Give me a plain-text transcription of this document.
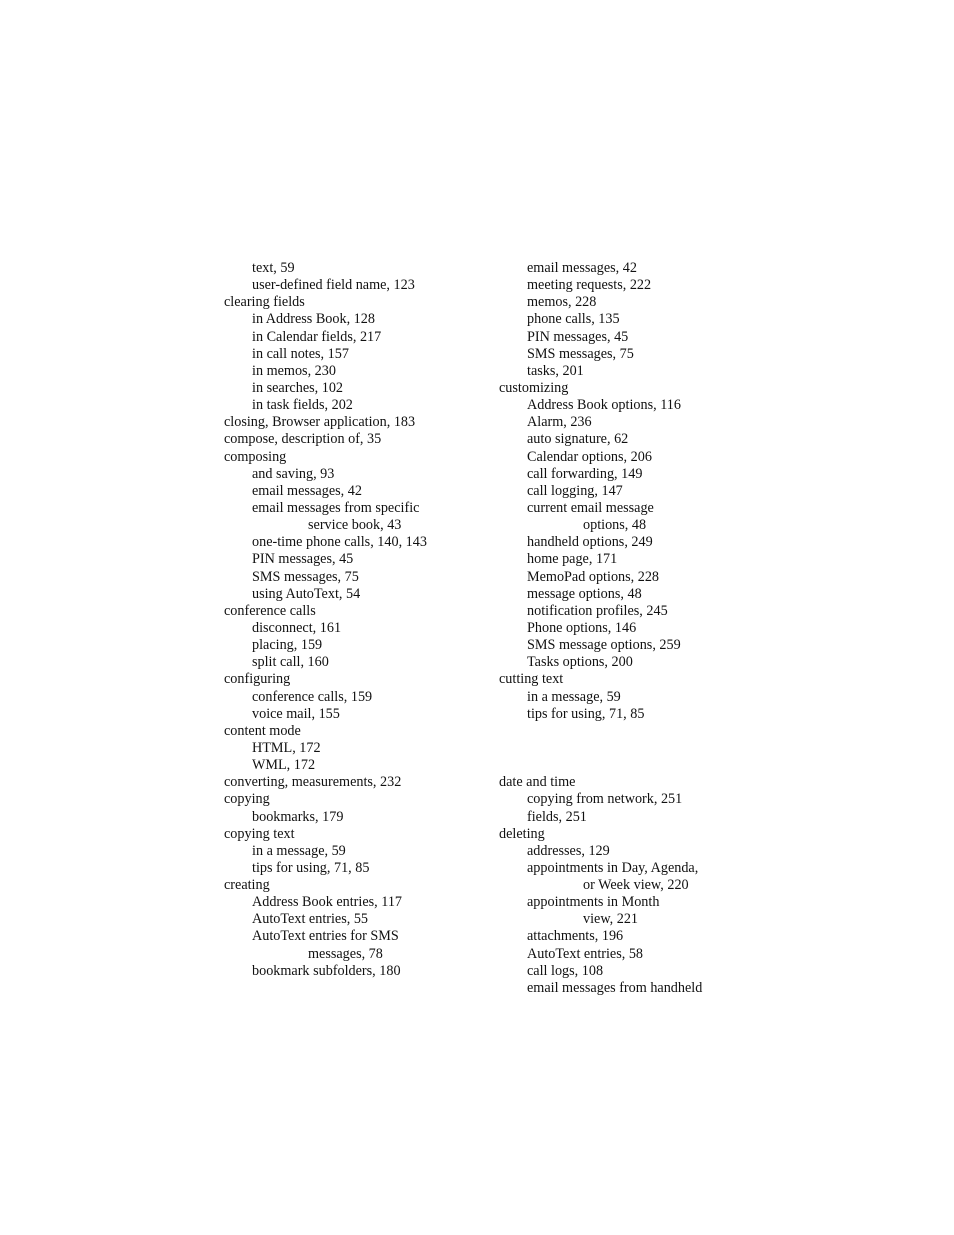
text, 59
user-defined field name, 123
clearing fields
in Address Book, 128
in Calendar fields, 217
in call notes, 157
in memos, 230
in searches, 102
in task fields, 202
closing, Browser application, 183
compose, description of, 35
composing
and saving, 93
email messages, 42
email messages from specific
service book, 43
one-time phone calls, 140, 143
PIN messages, 45
SMS messages, 75
using AutoText, 54
conference calls
disconnect, 161
placing, 159
split call, 160
configuring
conference calls, 159
voice mail, 155
content mode
HTML, 172
WML, 172
converting, measurements, 232
copying
bookmarks, 179
copying text
in a message, 59
tips for using, 71, 85
creating
Address Book entries, 117
AutoText entries, 55
AutoText entries for SMS
messages, 78
bookmark subfolders, 180
email messages, 42
meeting requests, 222
memos, 228
phone calls, 135
PIN messages, 45
SMS messages, 75
tasks, 201
customizing
Address Book options, 116
Alarm, 236
auto signature, 62
Calendar options, 206
call forwarding, 149
call logging, 147
current email message
options, 48
handheld options, 249
home page, 171
MemoPad options, 228
message options, 48
notification profiles, 245
Phone options, 146
SMS message options, 259
Tasks options, 200
cutting text
in a message, 59
tips for using, 71, 85
date and time
copying from network, 251
fields, 251
deleting
addresses, 129
appointments in Day, Agenda,
or Week view, 220
appointments in Month
view, 221
attachments, 196
AutoText entries, 58
call logs, 108
email messages from handheld
